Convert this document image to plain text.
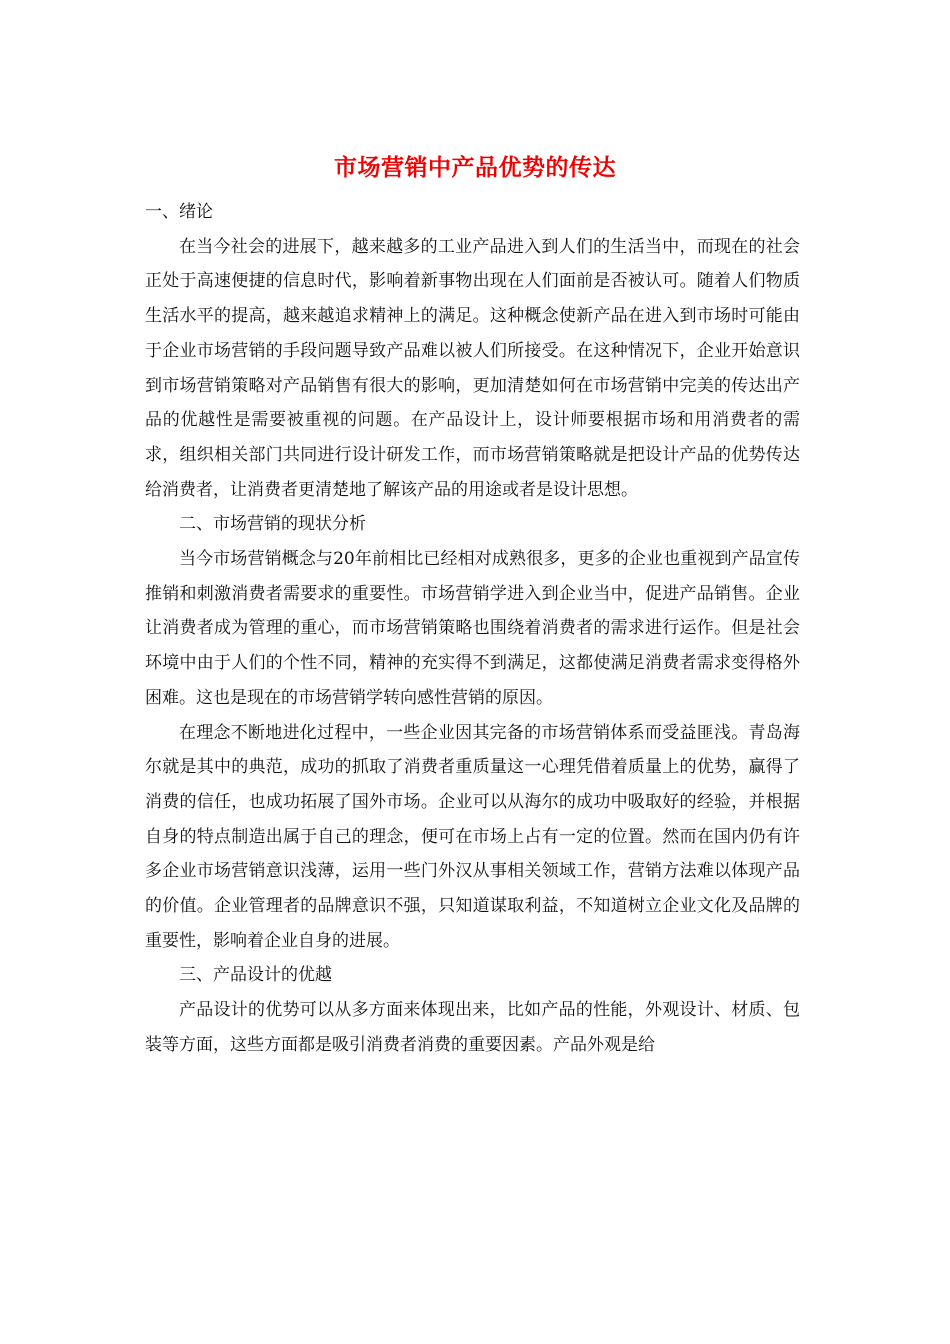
市场营销中产品优势的传达

一、绪论

在当今社会的进展下，越来越多的工业产品进入到人们的生活当中，而现在的社会正处于高速便捷的信息时代，影响着新事物出现在人们面前是否被认可。随着人们物质生活水平的提高，越来越追求精神上的满足。这种概念使新产品在进入到市场时可能由于企业市场营销的手段问题导致产品难以被人们所接受。在这种情况下，企业开始意识到市场营销策略对产品销售有很大的影响，更加清楚如何在市场营销中完美的传达出产品的优越性是需要被重视的问题。在产品设计上，设计师要根据市场和用消费者的需求，组织相关部门共同进行设计研发工作，而市场营销策略就是把设计产品的优势传达给消费者，让消费者更清楚地了解该产品的用途或者是设计思想。

二、市场营销的现状分析

当今市场营销概念与20年前相比已经相对成熟很多，更多的企业也重视到产品宣传推销和刺激消费者需要求的重要性。市场营销学进入到企业当中，促进产品销售。企业让消费者成为管理的重心，而市场营销策略也围绕着消费者的需求进行运作。但是社会环境中由于人们的个性不同，精神的充实得不到满足，这都使满足消费者需求变得格外困难。这也是现在的市场营销学转向感性营销的原因。

在理念不断地进化过程中，一些企业因其完备的市场营销体系而受益匪浅。青岛海尔就是其中的典范，成功的抓取了消费者重质量这一心理凭借着质量上的优势，赢得了消费的信任，也成功拓展了国外市场。企业可以从海尔的成功中吸取好的经验，并根据自身的特点制造出属于自己的理念，便可在市场上占有一定的位置。然而在国内仍有许多企业市场营销意识浅薄，运用一些门外汉从事相关领域工作，营销方法难以体现产品的价值。企业管理者的品牌意识不强，只知道谋取利益，不知道树立企业文化及品牌的重要性，影响着企业自身的进展。

三、产品设计的优越

产品设计的优势可以从多方面来体现出来，比如产品的性能，外观设计、材质、包装等方面，这些方面都是吸引消费者消费的重要因素。产品外观是给
